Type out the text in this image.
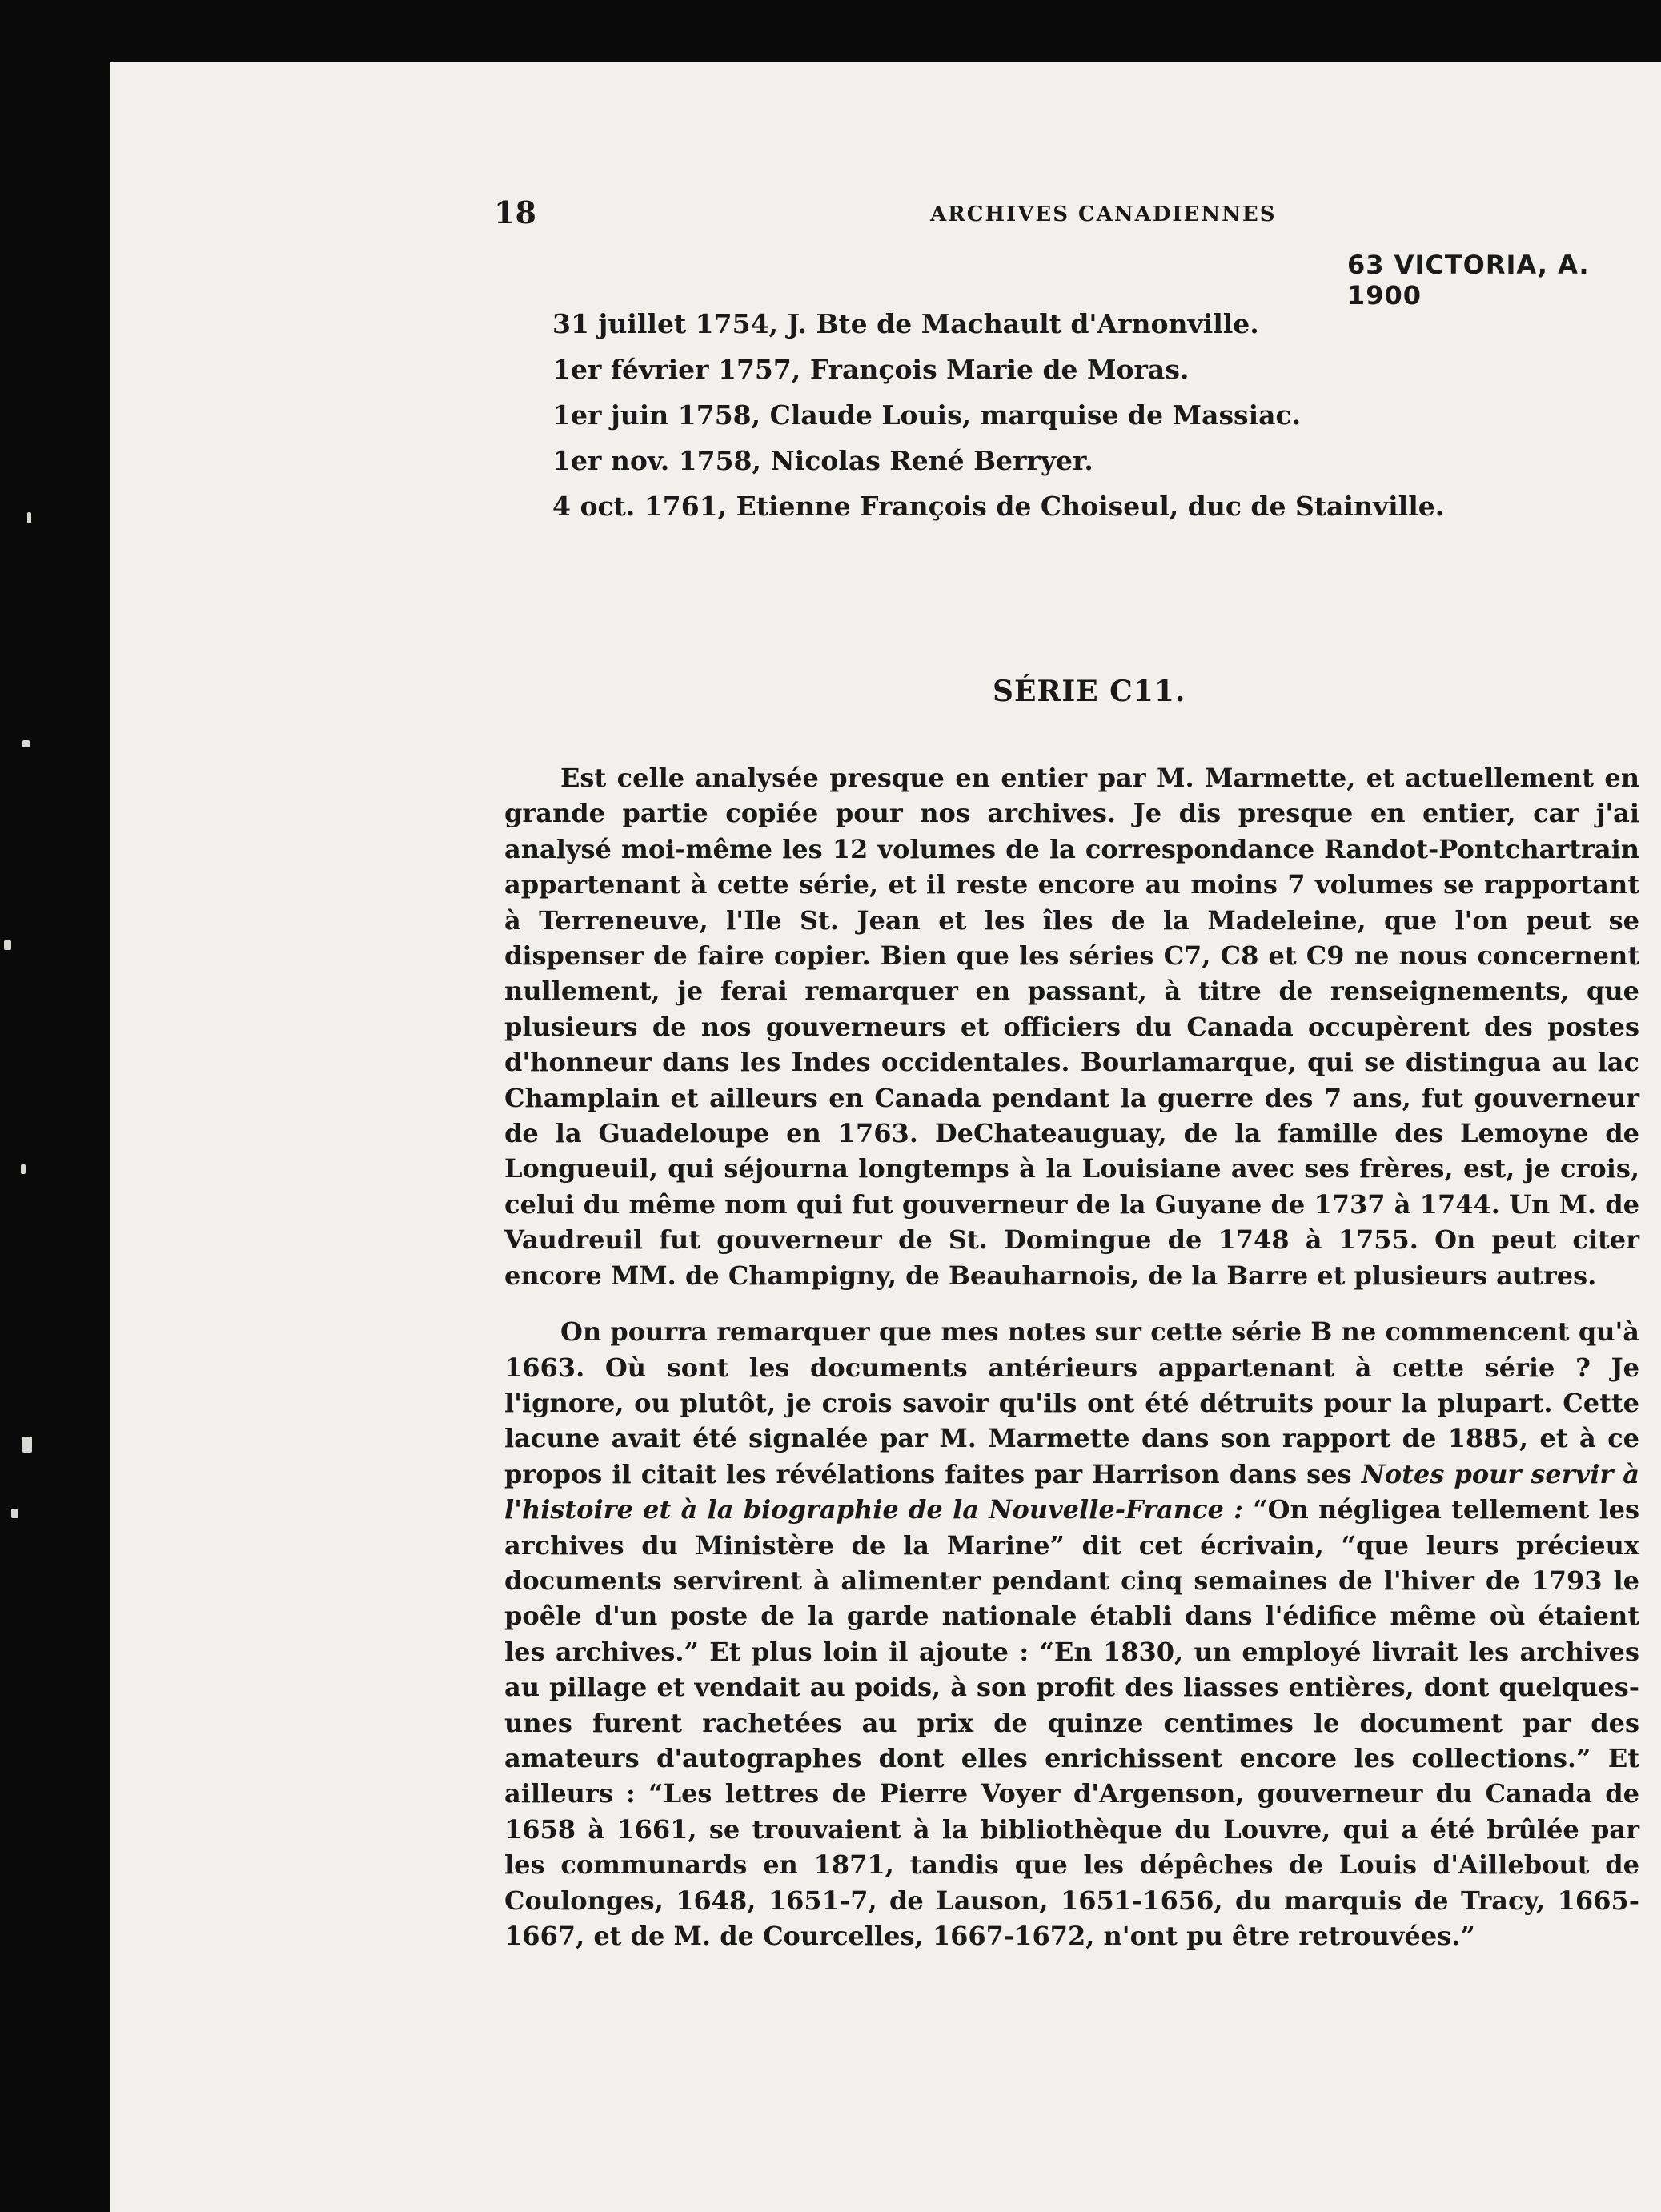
18	ARCHIVES CANADIENNES
63 VICTORIA, A. 1900
31 juillet 1754, J. Bte de Machault d'Arnonville.
1er février 1757, François Marie de Moras.
1er juin 1758, Claude Louis, marquise de Massiac.
1er nov. 1758, Nicolas René Berryer.
4 oct. 1761, Etienne François de Choiseul, duc de Stainville.
SÉRIE C11.

Est celle analysée presque en entier par M. Marmette, et actuellement en grande partie copiée pour nos archives. Je dis presque en entier, car j'ai analysé moi-même les 12 volumes de la correspondance Randot-Pontchartrain appartenant à cette série, et il reste encore au moins 7 volumes se rapportant à Terreneuve, l'Ile St. Jean et les îles de la Madeleine, que l'on peut se dispenser de faire copier. Bien que les séries C7, C8 et C9 ne nous concernent nullement, je ferai remarquer en passant, à titre de renseignements, que plusieurs de nos gouverneurs et officiers du Canada occupèrent des postes d'honneur dans les Indes occidentales. Bourlamarque, qui se distingua au lac Champlain et ailleurs en Canada pendant la guerre des 7 ans, fut gouverneur de la Guadeloupe en 1763. DeChateauguay, de la famille des Lemoyne de Longueuil, qui séjourna longtemps à la Louisiane avec ses frères, est, je crois, celui du même nom qui fut gouverneur de la Guyane de 1737 à 1744. Un M. de Vaudreuil fut gouverneur de St. Domingue de 1748 à 1755. On peut citer encore MM. de Champigny, de Beauharnois, de la Barre et plusieurs autres.

On pourra remarquer que mes notes sur cette série B ne commencent qu'à 1663. Où sont les documents antérieurs appartenant à cette série ? Je l'ignore, ou plutôt, je crois savoir qu'ils ont été détruits pour la plupart. Cette lacune avait été signalée par M. Marmette dans son rapport de 1885, et à ce propos il citait les révélations faites par Harrison dans ses Notes pour servir à l'histoire et à la biographie de la Nouvelle-France : “On négligea tellement les archives du Ministère de la Marine” dit cet écrivain, “que leurs précieux documents servirent à alimenter pendant cinq semaines de l'hiver de 1793 le poêle d'un poste de la garde nationale établi dans l'édifice même où étaient les archives.” Et plus loin il ajoute : “En 1830, un employé livrait les archives au pillage et vendait au poids, à son profit des liasses entières, dont quelques-unes furent rachetées au prix de quinze centimes le document par des amateurs d'autographes dont elles enrichissent encore les collections.” Et ailleurs : “Les lettres de Pierre Voyer d'Argenson, gouverneur du Canada de 1658 à 1661, se trouvaient à la bibliothèque du Louvre, qui a été brûlée par les communards en 1871, tandis que les dépêches de Louis d'Aillebout de Coulonges, 1648, 1651-7, de Lauson, 1651-1656, du marquis de Tracy, 1665-1667, et de M. de Courcelles, 1667-1672, n'ont pu être retrouvées.”
